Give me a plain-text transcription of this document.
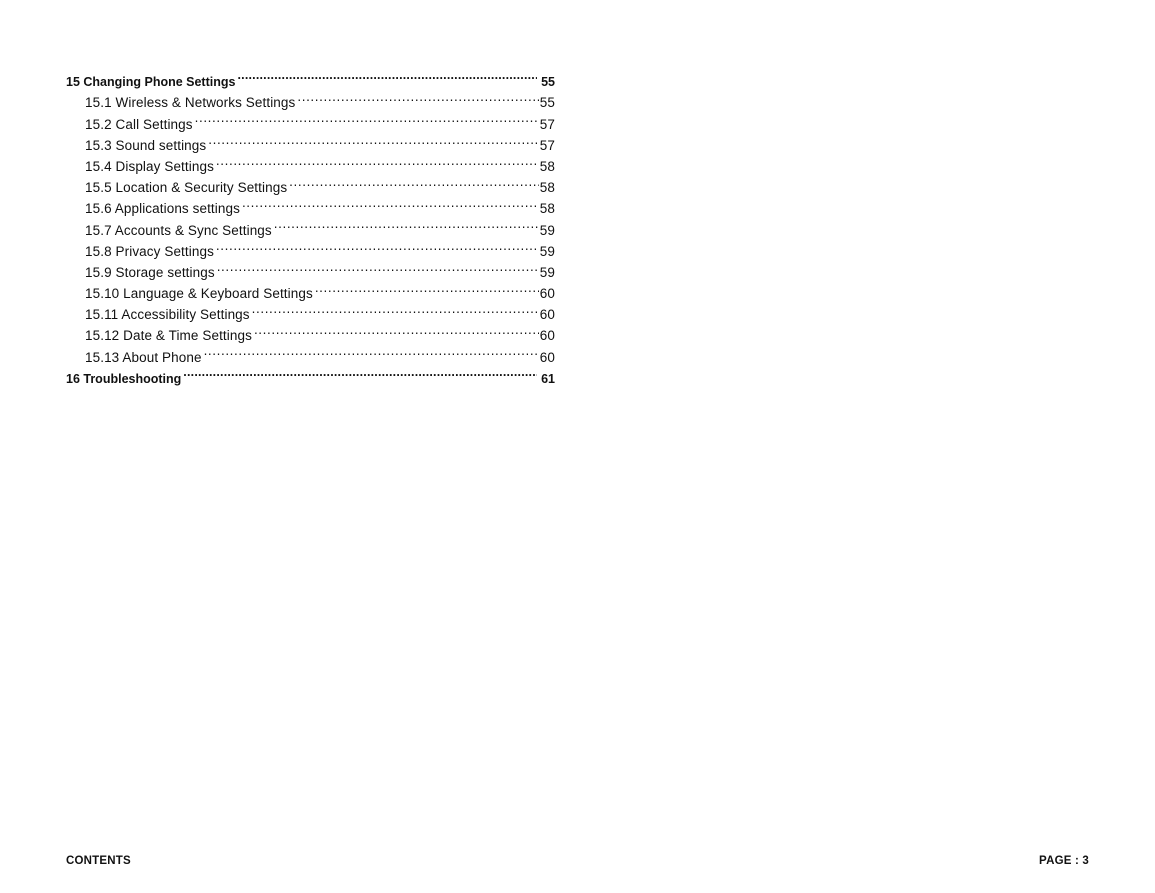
15 Changing Phone Settings .....	55
15.1 Wireless & Networks Settings .....	55
15.2 Call Settings .....	57
15.3 Sound settings .....	57
15.4 Display Settings .....	58
15.5 Location & Security Settings .....	58
15.6 Applications settings .....	58
15.7 Accounts & Sync Settings .....	59
15.8 Privacy Settings .....	59
15.9 Storage settings .....	59
15.10 Language & Keyboard Settings .....	60
15.11 Accessibility Settings .....	60
15.12 Date & Time Settings .....	60
15.13 About Phone .....	60
16 Troubleshooting .....	61
CONTENTS	PAGE : 3
